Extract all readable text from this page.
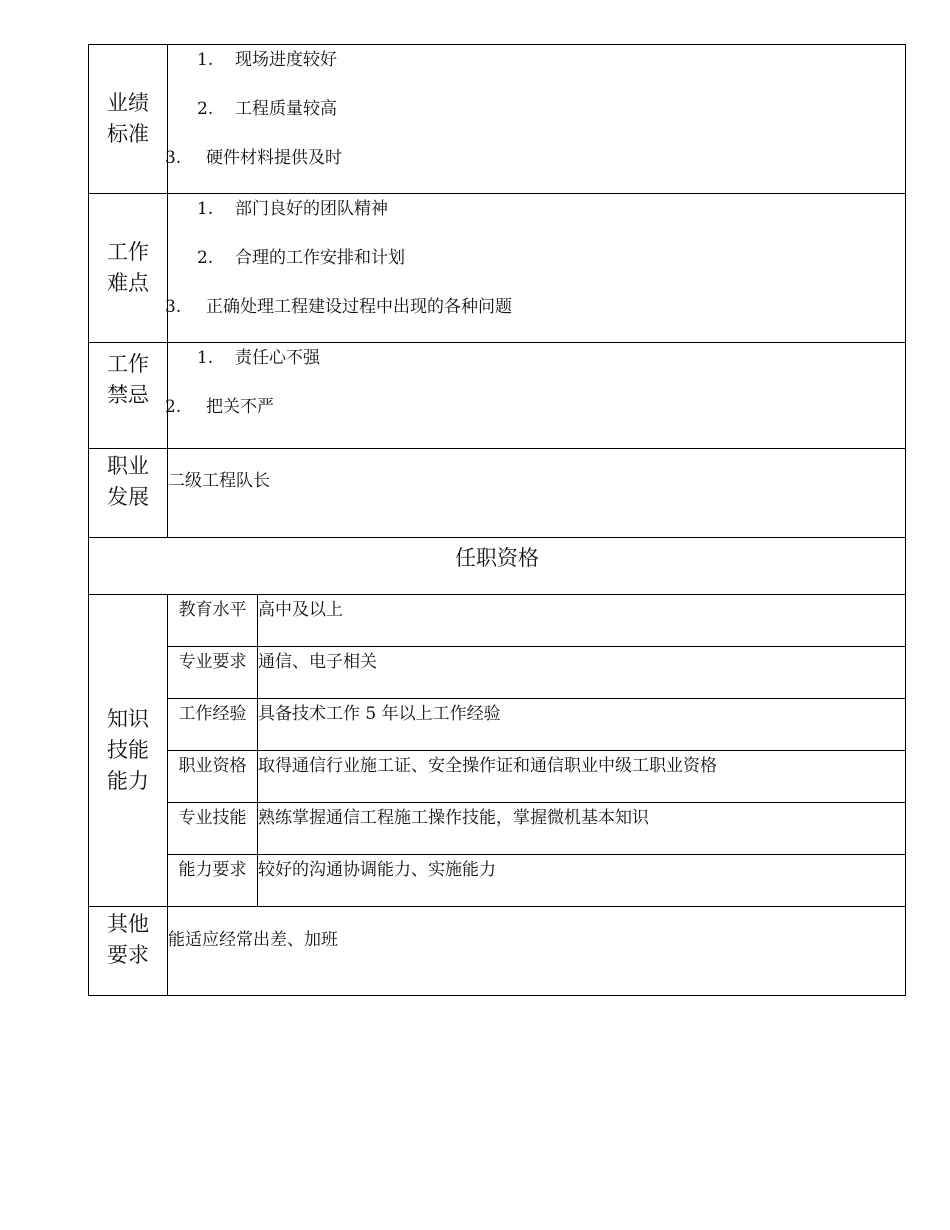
业绩
标准

1. 现场进度较好
2. 工程质量较高
3. 硬件材料提供及时

工作
难点

1. 部门良好的团队精神
2. 合理的工作安排和计划
3. 正确处理工程建设过程中出现的各种问题

工作
禁忌

1. 责任心不强
2. 把关不严

职业
发展

二级工程队长

任职资格

知识
技能
能力

教育水平	高中及以上
专业要求	通信、电子相关
工作经验	具备技术工作 5 年以上工作经验
职业资格	取得通信行业施工证、安全操作证和通信职业中级工职业资格
专业技能	熟练掌握通信工程施工操作技能，掌握微机基本知识
能力要求	较好的沟通协调能力、实施能力

其他
要求

能适应经常出差、加班
